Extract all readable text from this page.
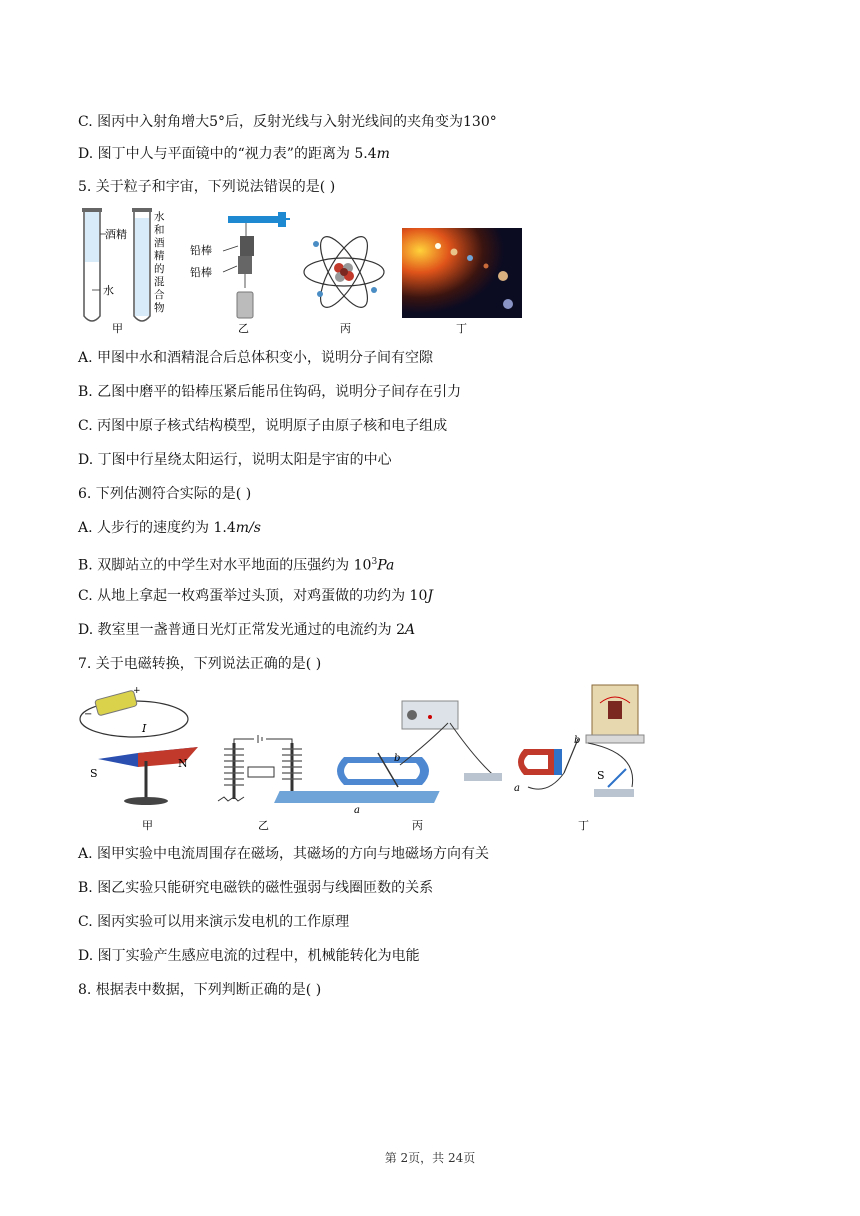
C. 图丙中入射角增大5°后，反射光线与入射光线间的夹角变为130°
D. 图丁中人与平面镜中的“视力表”的距离为 5.4m
5. 关于粒子和宇宙，下列说法错误的是( )
酒精
水
甲
水
和
酒
精
的
混
合
物
铅棒
铅棒
乙	丙	丁
A. 甲图中水和酒精混合后总体积变小，说明分子间有空隙
B. 乙图中磨平的铅棒压紧后能吊住钩码，说明分子间存在引力
C. 丙图中原子核式结构模型，说明原子由原子核和电子组成
D. 丁图中行星绕太阳运行，说明太阳是宇宙的中心
6. 下列估测符合实际的是( )
A. 人步行的速度约为 1.4m/s
B. 双脚站立的中学生对水平地面的压强约为 $10^3Pa$
C. 从地上拿起一枚鸡蛋举过头顶，对鸡蛋做的功约为 10J
D. 教室里一盏普通日光灯正常发光通过的电流约为 2A
7. 关于电磁转换，下列说法正确的是( )
+
−
I
S
N
甲	乙
b
a
丙
b
a
S
丁
A. 图甲实验中电流周围存在磁场，其磁场的方向与地磁场方向有关
B. 图乙实验只能研究电磁铁的磁性强弱与线圈匝数的关系
C. 图丙实验可以用来演示发电机的工作原理
D. 图丁实验产生感应电流的过程中，机械能转化为电能
8. 根据表中数据，下列判断正确的是( )
第 2页，共 24页
